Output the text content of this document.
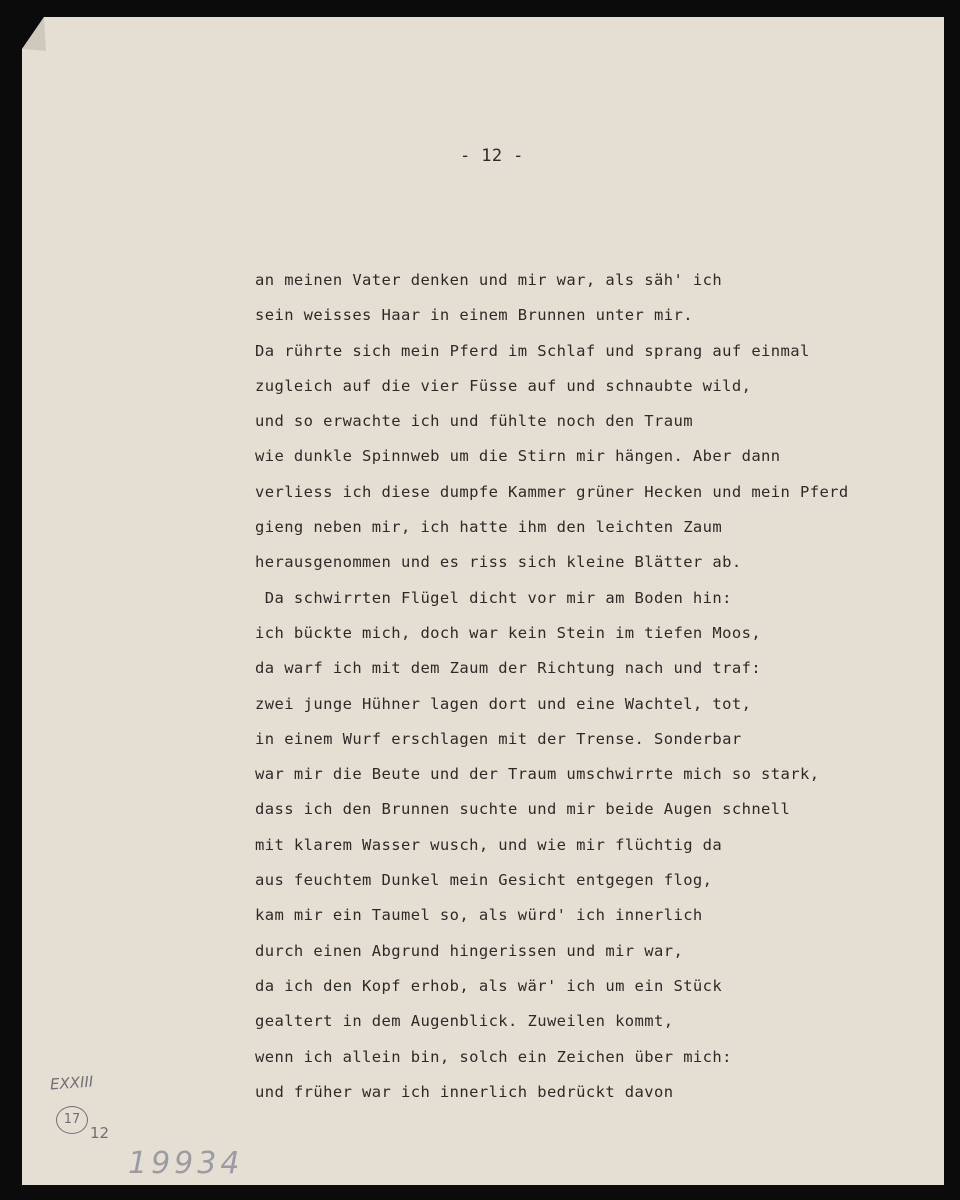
- 12 -
an meinen Vater denken und mir war, als säh' ich
sein weisses Haar in einem Brunnen unter mir.
Da rührte sich mein Pferd im Schlaf und sprang auf einmal
zugleich auf die vier Füsse auf und schnaubte wild,
und so erwachte ich und fühlte noch den Traum
wie dunkle Spinnweb um die Stirn mir hängen. Aber dann
verliess ich diese dumpfe Kammer grüner Hecken und mein Pferd
gieng neben mir, ich hatte ihm den leichten Zaum
herausgenommen und es riss sich kleine Blätter ab.
Da schwirrten Flügel dicht vor mir am Boden hin:
ich bückte mich, doch war kein Stein im tiefen Moos,
da warf ich mit dem Zaum der Richtung nach und traf:
zwei junge Hühner lagen dort und eine Wachtel, tot,
in einem Wurf erschlagen mit der Trense. Sonderbar
war mir die Beute und der Traum umschwirrte mich so stark,
dass ich den Brunnen suchte und mir beide Augen schnell
mit klarem Wasser wusch, und wie mir flüchtig da
aus feuchtem Dunkel mein Gesicht entgegen flog,
kam mir ein Taumel so, als würd' ich innerlich
durch einen Abgrund hingerissen und mir war,
da ich den Kopf erhob, als wär' ich um ein Stück
gealtert in dem Augenblick. Zuweilen kommt,
wenn ich allein bin, solch ein Zeichen über mich:
und früher war ich innerlich bedrückt davon
EXXIII
17
12
19934
